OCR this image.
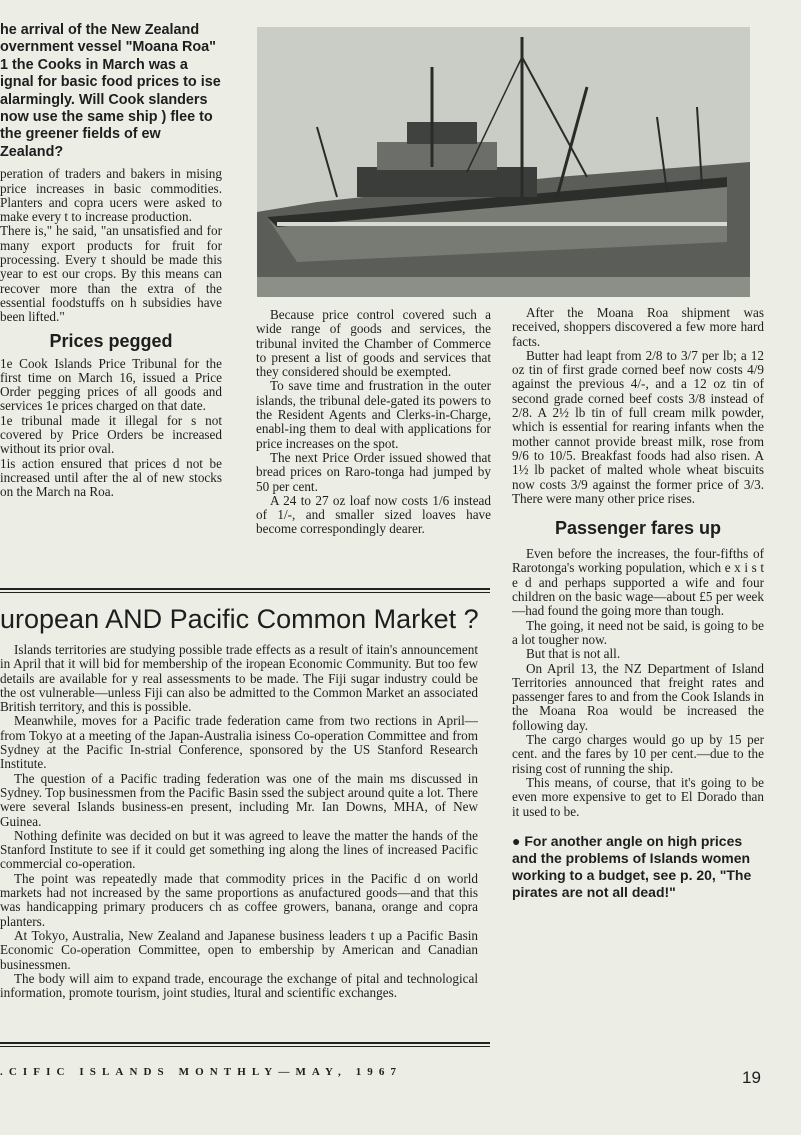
he arrival of the New Zealand overnment vessel "Moana Roa" 1 the Cooks in March was a ignal for basic food prices to ise alarmingly. Will Cook slanders now use the same ship ) flee to the greener fields of ew Zealand?

peration of traders and bakers in mising price increases in basic commodities. Planters and copra ucers were asked to make every t to increase production.

There is," he said, "an unsatisfied and for many export products for fruit for processing. Every t should be made this year to est our crops. By this means can recover more than the extra of the essential foodstuffs on h subsidies have been lifted."

Prices pegged

1e Cook Islands Price Tribunal for the first time on March 16, issued a Price Order pegging prices of all goods and services 1e prices charged on that date.

1e tribunal made it illegal for s not covered by Price Orders be increased without its prior oval.

1is action ensured that prices d not be increased until after the al of new stocks on the March na Roa.

Because price control covered such a wide range of goods and services, the tribunal invited the Chamber of Commerce to present a list of goods and services that they considered should be exempted.

To save time and frustration in the outer islands, the tribunal dele-gated its powers to the Resident Agents and Clerks-in-Charge, enabl-ing them to deal with applications for price increases on the spot.

The next Price Order issued showed that bread prices on Raro-tonga had jumped by 50 per cent.

A 24 to 27 oz loaf now costs 1/6 instead of 1/-, and smaller sized loaves have become correspondingly dearer.

After the Moana Roa shipment was received, shoppers discovered a few more hard facts.

Butter had leapt from 2/8 to 3/7 per lb; a 12 oz tin of first grade corned beef now costs 4/9 against the previous 4/-, and a 12 oz tin of second grade corned beef costs 3/8 instead of 2/8. A 2½ lb tin of full cream milk powder, which is essential for rearing infants when the mother cannot provide breast milk, rose from 9/6 to 10/5. Breakfast foods had also risen. A 1½ lb packet of malted whole wheat biscuits now costs 3/9 against the former price of 3/3. There were many other price rises.

Passenger fares up

Even before the increases, the four-fifths of Rarotonga's working population, which e x i s t e d and perhaps supported a wife and four children on the basic wage—about £5 per week—had found the going more than tough.

The going, it need not be said, is going to be a lot tougher now.

But that is not all.

On April 13, the NZ Department of Island Territories announced that freight rates and passenger fares to and from the Cook Islands in the Moana Roa would be increased the following day.

The cargo charges would go up by 15 per cent. and the fares by 10 per cent.—due to the rising cost of running the ship.

This means, of course, that it's going to be even more expensive to get to El Dorado than it used to be.

● For another angle on high prices and the problems of Islands women working to a budget, see p. 20, "The pirates are not all dead!"

uropean AND Pacific Common Market ?

Islands territories are studying possible trade effects as a result of itain's announcement in April that it will bid for membership of the iropean Economic Community. But too few details are available for y real assessments to be made. The Fiji sugar industry could be the ost vulnerable—unless Fiji can also be admitted to the Common Market an associated British territory, and this is possible.

Meanwhile, moves for a Pacific trade federation came from two rections in April—from Tokyo at a meeting of the Japan-Australia isiness Co-operation Committee and from Sydney at the Pacific In-strial Conference, sponsored by the US Stanford Research Institute.

The question of a Pacific trading federation was one of the main ms discussed in Sydney. Top businessmen from the Pacific Basin ssed the subject around quite a lot. There were several Islands business-en present, including Mr. Ian Downs, MHA, of New Guinea.

Nothing definite was decided on but it was agreed to leave the matter the hands of the Stanford Institute to see if it could get something ing along the lines of increased Pacific commercial co-operation.

The point was repeatedly made that commodity prices in the Pacific d on world markets had not increased by the same proportions as anufactured goods—and that this was handicapping primary producers ch as coffee growers, banana, orange and copra planters.

At Tokyo, Australia, New Zealand and Japanese business leaders t up a Pacific Basin Economic Co-operation Committee, open to embership by American and Canadian businessmen.

The body will aim to expand trade, encourage the exchange of pital and technological information, promote tourism, joint studies, ltural and scientific exchanges.

.CIFIC ISLANDS MONTHLY—MAY, 1967	19
